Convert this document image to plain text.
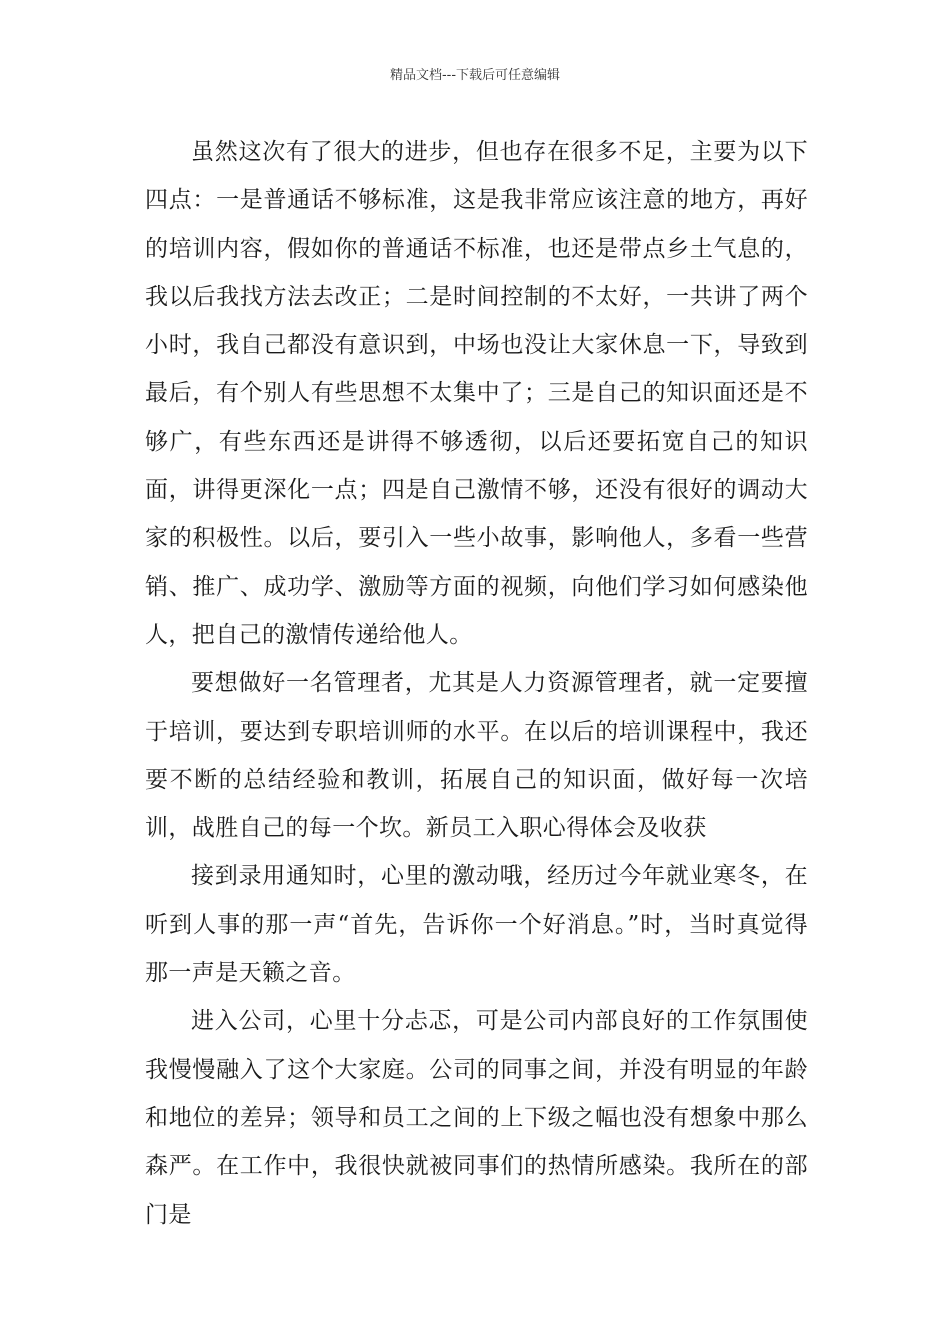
精品文档---下载后可任意编辑

虽然这次有了很大的进步，但也存在很多不足，主要为以下四点：一是普通话不够标准，这是我非常应该注意的地方，再好的培训内容，假如你的普通话不标准，也还是带点乡土气息的，我以后我找方法去改正；二是时间控制的不太好，一共讲了两个小时，我自己都没有意识到，中场也没让大家休息一下，导致到最后，有个别人有些思想不太集中了；三是自己的知识面还是不够广，有些东西还是讲得不够透彻，以后还要拓宽自己的知识面，讲得更深化一点；四是自己激情不够，还没有很好的调动大家的积极性。以后，要引入一些小故事，影响他人，多看一些营销、推广、成功学、激励等方面的视频，向他们学习如何感染他人，把自己的激情传递给他人。

要想做好一名管理者，尤其是人力资源管理者，就一定要擅于培训，要达到专职培训师的水平。在以后的培训课程中，我还要不断的总结经验和教训，拓展自己的知识面，做好每一次培训，战胜自己的每一个坎。新员工入职心得体会及收获

接到录用通知时，心里的激动哦，经历过今年就业寒冬，在听到人事的那一声“首先，告诉你一个好消息。”时，当时真觉得那一声是天籁之音。

进入公司，心里十分忐忑，可是公司内部良好的工作氛围使我慢慢融入了这个大家庭。公司的同事之间，并没有明显的年龄和地位的差异；领导和员工之间的上下级之幅也没有想象中那么森严。在工作中，我很快就被同事们的热情所感染。我所在的部门是
